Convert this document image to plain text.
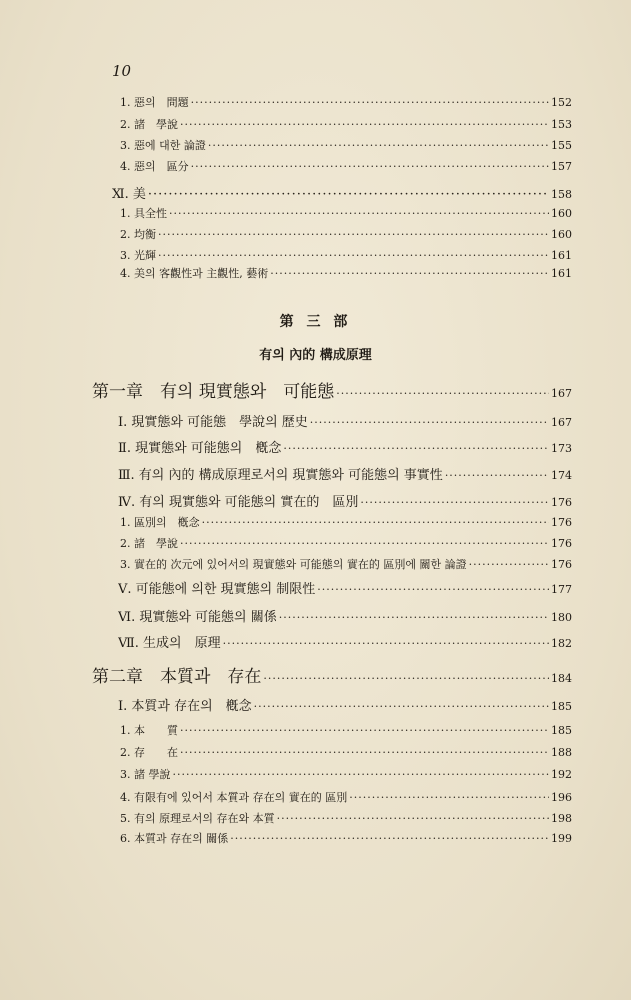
10
1. 惡의　問題 ·····	152
2. 諸　學說 ·····	153
3. 惡에 대한 論證 ·····	155
4. 惡의　區分 ·····	157
Ⅺ. 美 ·····	158
1. 具全性 ·····	160
2. 均衡 ·····	160
3. 光輝 ·····	161
4. 美의 客觀性과 主觀性, 藝術 ·····	161
第 三 部
有의 內的 構成原理
第一章　有의 現實態와　可能態 ·····	167
Ⅰ. 現實態와 可能態　學說의 歷史 ·····	167
Ⅱ. 現實態와 可能態의　槪念 ·····	173
Ⅲ. 有의 內的 構成原理로서의 現實態와 可能態의 事實性 ·····	174
Ⅳ. 有의 現實態와 可能態의 實在的　區別 ·····	176
1. 區別의　槪念 ·····	176
2. 諸　學說 ·····	176
3. 實在的 次元에 있어서의 現實態와 可能態의 實在的 區別에 關한 論證 ·····	176
Ⅴ. 可能態에 의한 現實態의 制限性 ·····	177
Ⅵ. 現實態와 可能態의 關係 ·····	180
Ⅶ. 生成의　原理 ·····	182
第二章　本質과　存在 ·····	184
Ⅰ. 本質과 存在의　槪念 ·····	185
1. 本　　質 ·····	185
2. 存　　在 ·····	188
3. 諸 學說 ·····	192
4. 有限有에 있어서 本質과 存在의 實在的 區別 ·····	196
5. 有의 原理로서의 存在와 本質 ·····	198
6. 本質과 存在의 關係 ·····	199
